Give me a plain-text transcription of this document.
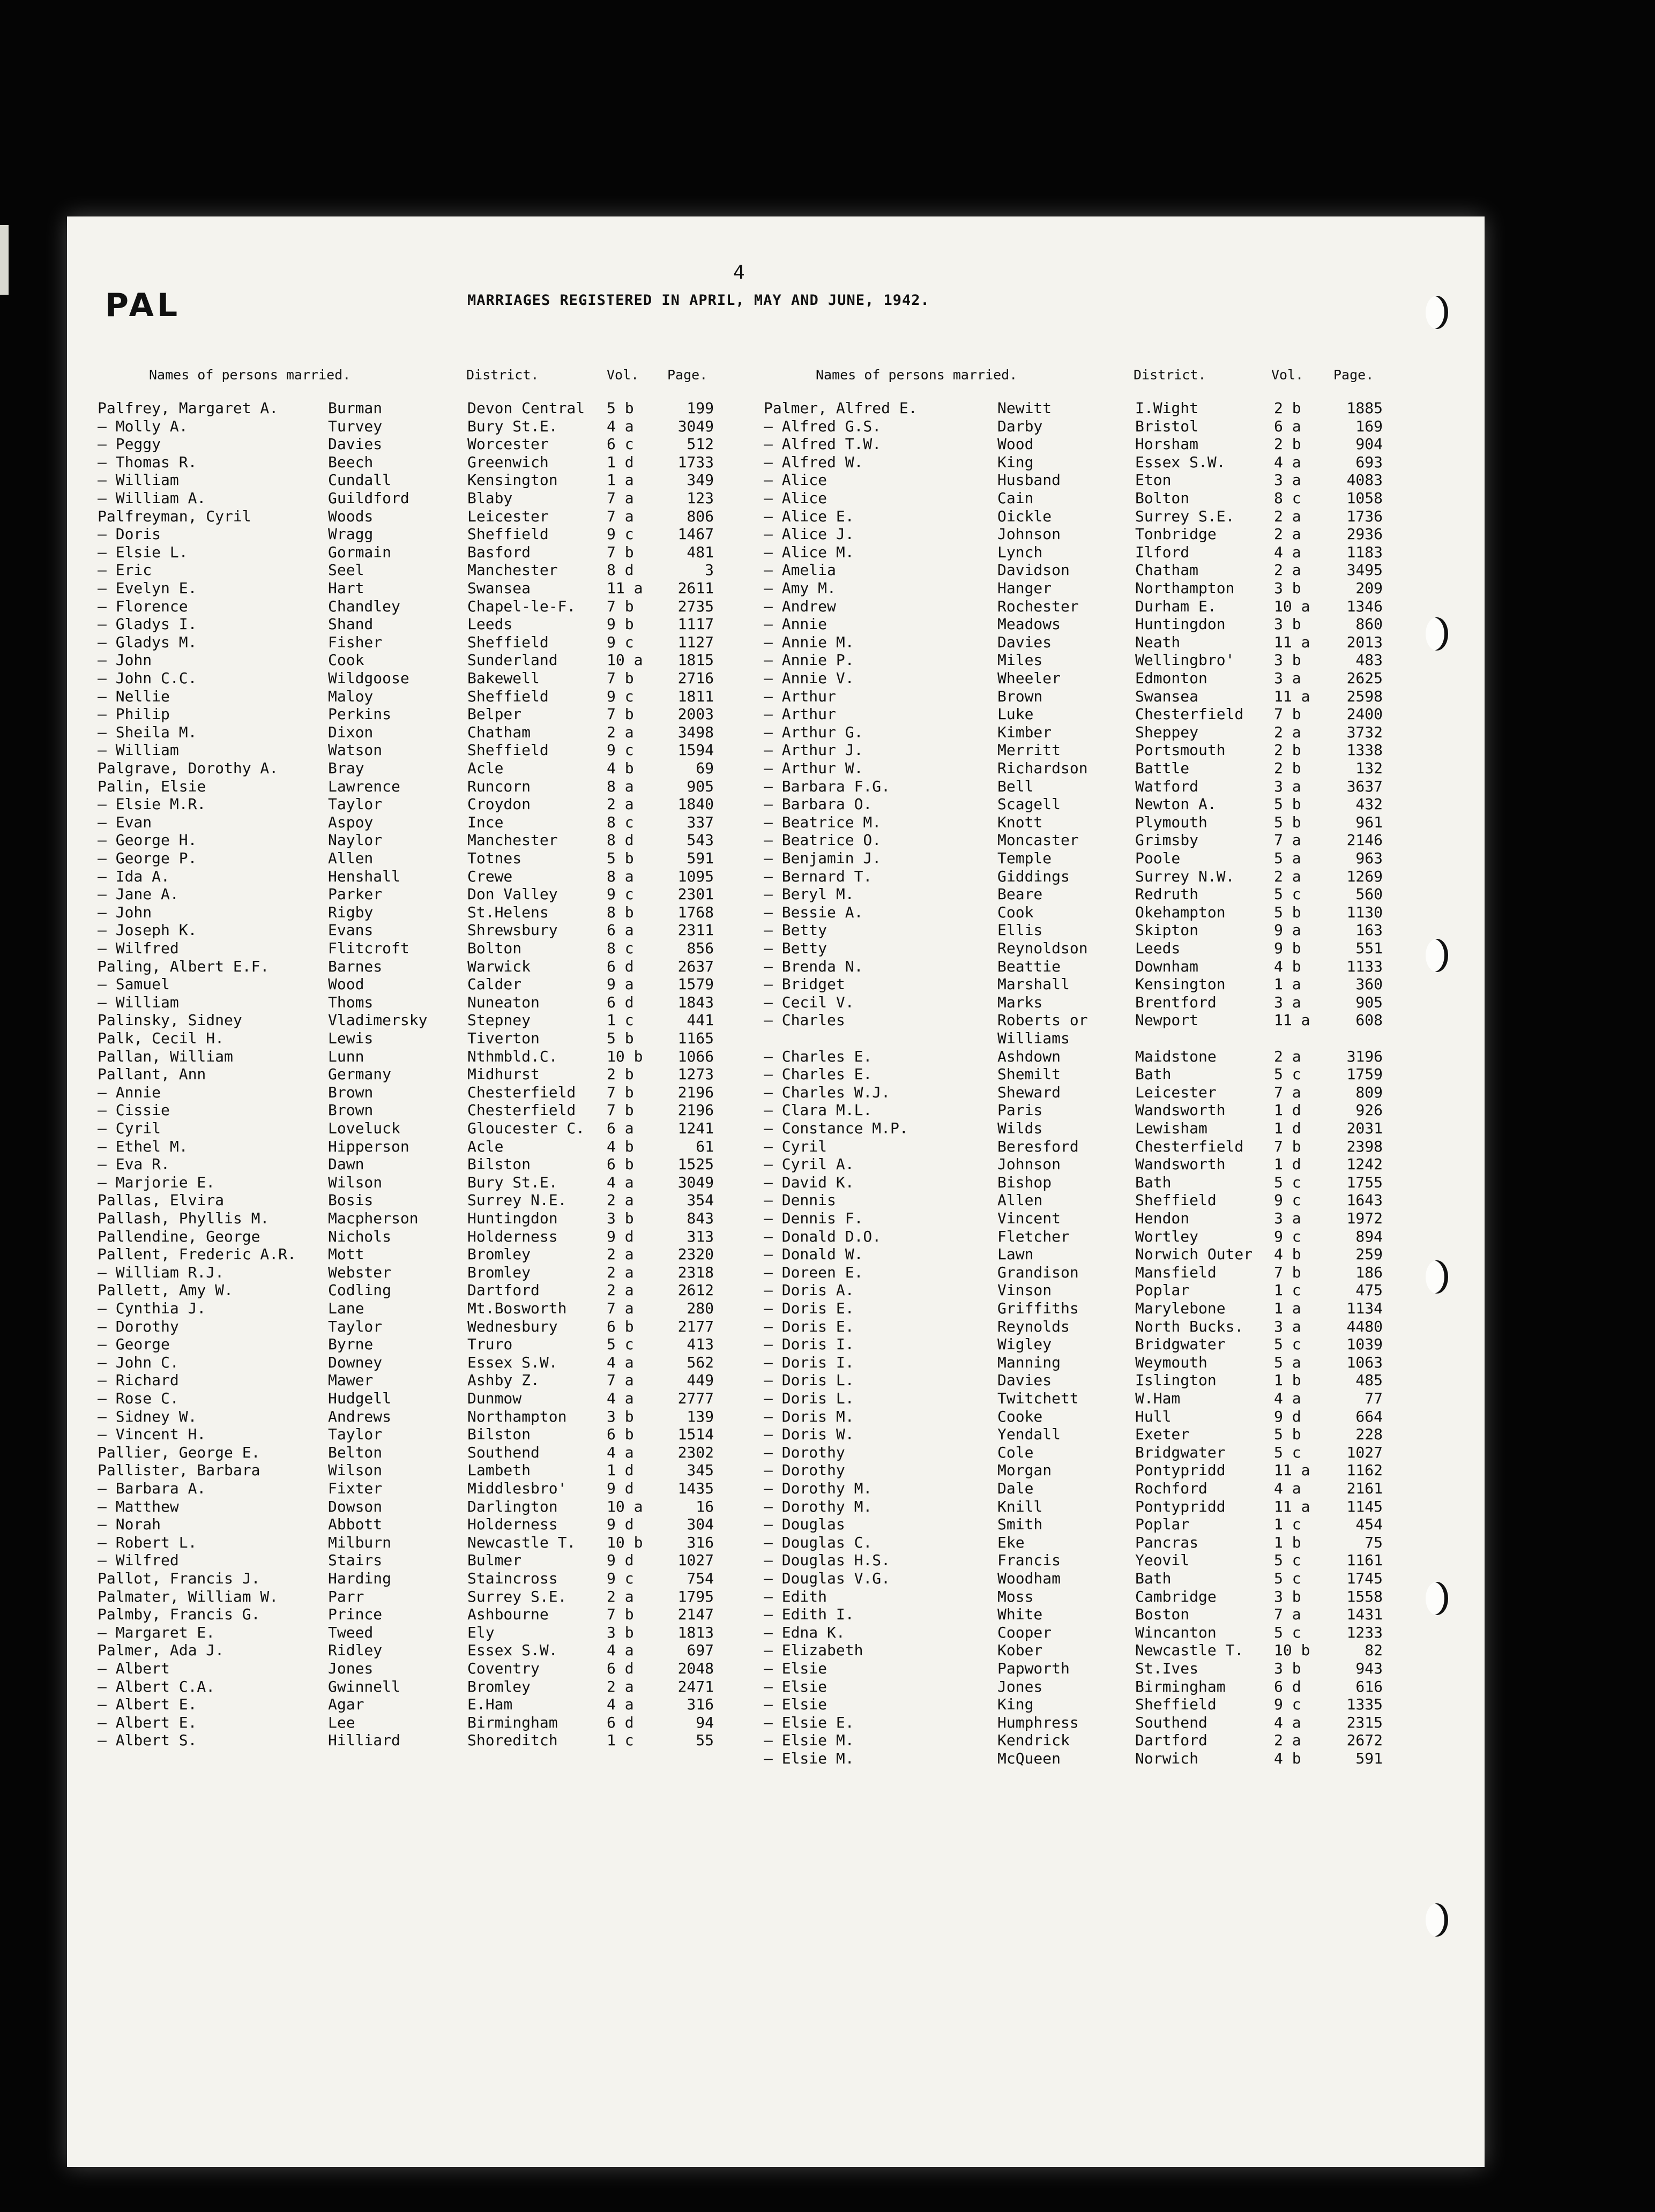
4
PAL	MARRIAGES REGISTERED IN APRIL, MAY AND JUNE, 1942.
Names of persons married.	District.	Vol. Page.	Names of persons married.	District.	Vol. Page.
Palfrey, Margaret A.	Burman	Devon Central 5 b	199
— Molly A.	Turvey	Bury St.E.	4 a	3049
— Peggy	Davies	Worcester	6 c	512
— Thomas R.	Beech	Greenwich	1 d	1733
— William	Cundall	Kensington	1 a	349
— William A.	Guildford	Blaby	7 a	123
Palfreyman, Cyril	Woods	Leicester	7 a	806
— Doris	Wragg	Sheffield	9 c	1467
— Elsie L.	Gormain	Basford	7 b	481
— Eric	Seel	Manchester	8 d	3
— Evelyn E.	Hart	Swansea	11 a	2611
— Florence	Chandley	Chapel-le-F. 7 b	2735
— Gladys I.	Shand	Leeds	9 b	1117
— Gladys M.	Fisher	Sheffield	9 c	1127
— John	Cook	Sunderland	10 a	1815
— John C.C.	Wildgoose	Bakewell	7 b	2716
— Nellie	Maloy	Sheffield	9 c	1811
— Philip	Perkins	Belper	7 b	2003
— Sheila M.	Dixon	Chatham	2 a	3498
— William	Watson	Sheffield	9 c	1594
Palgrave, Dorothy A.	Bray	Acle	4 b	69
Palin, Elsie	Lawrence	Runcorn	8 a	905
— Elsie M.R.	Taylor	Croydon	2 a	1840
— Evan	Aspoy	Ince	8 c	337
— George H.	Naylor	Manchester	8 d	543
— George P.	Allen	Totnes	5 b	591
— Ida A.	Henshall	Crewe	8 a	1095
— Jane A.	Parker	Don Valley	9 c	2301
— John	Rigby	St.Helens	8 b	1768
— Joseph K.	Evans	Shrewsbury	6 a	2311
— Wilfred	Flitcroft	Bolton	8 c	856
Paling, Albert E.F.	Barnes	Warwick	6 d	2637
— Samuel	Wood	Calder	9 a	1579
— William	Thoms	Nuneaton	6 d	1843
Palinsky, Sidney	Vladimersky	Stepney	1 c	441
Palk, Cecil H.	Lewis	Tiverton	5 b	1165
Pallan, William	Lunn	Nthmbld.C.	10 b	1066
Pallant, Ann	Germany	Midhurst	2 b	1273
— Annie	Brown	Chesterfield 7 b	2196
— Cissie	Brown	Chesterfield 7 b	2196
— Cyril	Loveluck	Gloucester C. 6 a	1241
— Ethel M.	Hipperson	Acle	4 b	61
— Eva R.	Dawn	Bilston	6 b	1525
— Marjorie E.	Wilson	Bury St.E.	4 a	3049
Pallas, Elvira	Bosis	Surrey N.E.	2 a	354
Pallash, Phyllis M.	Macpherson	Huntingdon	3 b	843
Pallendine, George	Nichols	Holderness	9 d	313
Pallent, Frederic A.R. Mott	Bromley	2 a	2320
— William R.J.	Webster	Bromley	2 a	2318
Pallett, Amy W.	Codling	Dartford	2 a	2612
— Cynthia J.	Lane	Mt.Bosworth	7 a	280
— Dorothy	Taylor	Wednesbury	6 b	2177
— George	Byrne	Truro	5 c	413
— John C.	Downey	Essex S.W.	4 a	562
— Richard	Mawer	Ashby Z.	7 a	449
— Rose C.	Hudgell	Dunmow	4 a	2777
— Sidney W.	Andrews	Northampton	3 b	139
— Vincent H.	Taylor	Bilston	6 b	1514
Pallier, George E.	Belton	Southend	4 a	2302
Pallister, Barbara	Wilson	Lambeth	1 d	345
— Barbara A.	Fixter	Middlesbro'	9 d	1435
— Matthew	Dowson	Darlington	10 a	16
— Norah	Abbott	Holderness	9 d	304
— Robert L.	Milburn	Newcastle T. 10 b	316
— Wilfred	Stairs	Bulmer	9 d	1027
Pallot, Francis J.	Harding	Staincross	9 c	754
Palmater, William W.	Parr	Surrey S.E.	2 a	1795
Palmby, Francis G.	Prince	Ashbourne	7 b	2147
— Margaret E.	Tweed	Ely	3 b	1813
Palmer, Ada J.	Ridley	Essex S.W.	4 a	697
— Albert	Jones	Coventry	6 d	2048
— Albert C.A.	Gwinnell	Bromley	2 a	2471
— Albert E.	Agar	E.Ham	4 a	316
— Albert E.	Lee	Birmingham	6 d	94
— Albert S.	Hilliard	Shoreditch	1 c	55
Palmer, Alfred E.	Newitt	I.Wight	2 b	1885
— Alfred G.S.	Darby	Bristol	6 a	169
— Alfred T.W.	Wood	Horsham	2 b	904
— Alfred W.	King	Essex S.W.	4 a	693
— Alice	Husband	Eton	3 a	4083
— Alice	Cain	Bolton	8 c	1058
— Alice E.	Oickle	Surrey S.E.	2 a	1736
— Alice J.	Johnson	Tonbridge	2 a	2936
— Alice M.	Lynch	Ilford	4 a	1183
— Amelia	Davidson	Chatham	2 a	3495
— Amy M.	Hanger	Northampton	3 b	209
— Andrew	Rochester	Durham E.	10 a	1346
— Annie	Meadows	Huntingdon	3 b	860
— Annie M.	Davies	Neath	11 a	2013
— Annie P.	Miles	Wellingbro'	3 b	483
— Annie V.	Wheeler	Edmonton	3 a	2625
— Arthur	Brown	Swansea	11 a	2598
— Arthur	Luke	Chesterfield 7 b	2400
— Arthur G.	Kimber	Sheppey	2 a	3732
— Arthur J.	Merritt	Portsmouth	2 b	1338
— Arthur W.	Richardson	Battle	2 b	132
— Barbara F.G.	Bell	Watford	3 a	3637
— Barbara O.	Scagell	Newton A.	5 b	432
— Beatrice M.	Knott	Plymouth	5 b	961
— Beatrice O.	Moncaster	Grimsby	7 a	2146
— Benjamin J.	Temple	Poole	5 a	963
— Bernard T.	Giddings	Surrey N.W.	2 a	1269
— Beryl M.	Beare	Redruth	5 c	560
— Bessie A.	Cook	Okehampton	5 b	1130
— Betty	Ellis	Skipton	9 a	163
— Betty	Reynoldson	Leeds	9 b	551
— Brenda N.	Beattie	Downham	4 b	1133
— Bridget	Marshall	Kensington	1 a	360
— Cecil V.	Marks	Brentford	3 a	905
— Charles	Roberts or	Newport	11 a	608
Williams
— Charles E.	Ashdown	Maidstone	2 a	3196
— Charles E.	Shemilt	Bath	5 c	1759
— Charles W.J.	Sheward	Leicester	7 a	809
— Clara M.L.	Paris	Wandsworth	1 d	926
— Constance M.P.	Wilds	Lewisham	1 d	2031
— Cyril	Beresford	Chesterfield 7 b	2398
— Cyril A.	Johnson	Wandsworth	1 d	1242
— David K.	Bishop	Bath	5 c	1755
— Dennis	Allen	Sheffield	9 c	1643
— Dennis F.	Vincent	Hendon	3 a	1972
— Donald D.O.	Fletcher	Wortley	9 c	894
— Donald W.	Lawn	Norwich Outer 4 b	259
— Doreen E.	Grandison	Mansfield	7 b	186
— Doris A.	Vinson	Poplar	1 c	475
— Doris E.	Griffiths	Marylebone	1 a	1134
— Doris E.	Reynolds	North Bucks. 3 a	4480
— Doris I.	Wigley	Bridgwater	5 c	1039
— Doris I.	Manning	Weymouth	5 a	1063
— Doris L.	Davies	Islington	1 b	485
— Doris L.	Twitchett	W.Ham	4 a	77
— Doris M.	Cooke	Hull	9 d	664
— Doris W.	Yendall	Exeter	5 b	228
— Dorothy	Cole	Bridgwater	5 c	1027
— Dorothy	Morgan	Pontypridd	11 a	1162
— Dorothy M.	Dale	Rochford	4 a	2161
— Dorothy M.	Knill	Pontypridd	11 a	1145
— Douglas	Smith	Poplar	1 c	454
— Douglas C.	Eke	Pancras	1 b	75
— Douglas H.S.	Francis	Yeovil	5 c	1161
— Douglas V.G.	Woodham	Bath	5 c	1745
— Edith	Moss	Cambridge	3 b	1558
— Edith I.	White	Boston	7 a	1431
— Edna K.	Cooper	Wincanton	5 c	1233
— Elizabeth	Kober	Newcastle T. 10 b	82
— Elsie	Papworth	St.Ives	3 b	943
— Elsie	Jones	Birmingham	6 d	616
— Elsie	King	Sheffield	9 c	1335
— Elsie E.	Humphress	Southend	4 a	2315
— Elsie M.	Kendrick	Dartford	2 a	2672
— Elsie M.	McQueen	Norwich	4 b	591
